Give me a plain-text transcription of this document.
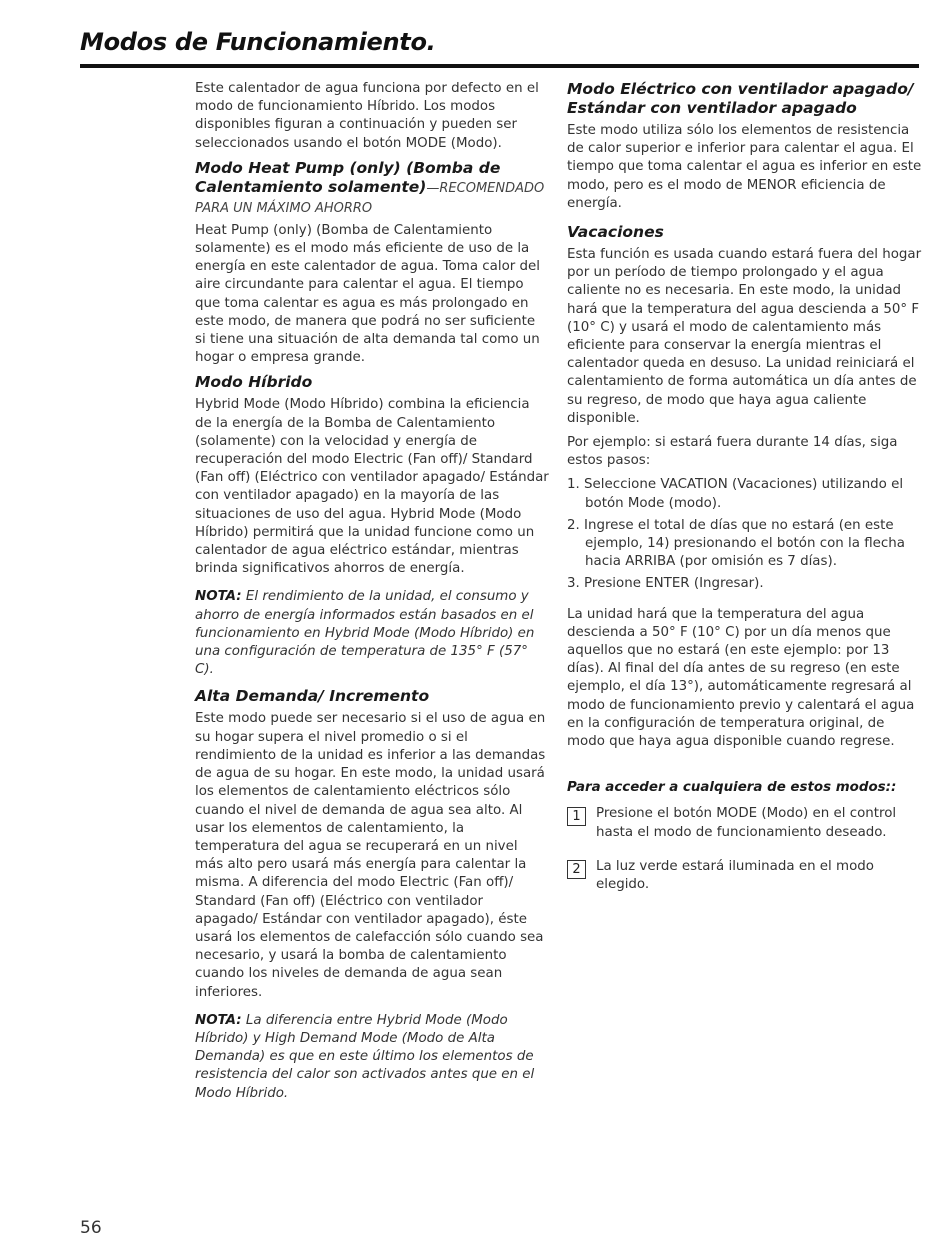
Modos de Funcionamiento.

Este calentador de agua funciona por defecto en el modo de funcionamiento Híbrido. Los modos disponibles figuran a continuación y pueden ser seleccionados usando el botón MODE (Modo).

Modo Heat Pump (only) (Bomba de Calentamiento solamente)—RECOMENDADO PARA UN MÁXIMO AHORRO

Heat Pump (only) (Bomba de Calentamiento solamente) es el modo más eficiente de uso de la energía en este calentador de agua. Toma calor del aire circundante para calentar el agua. El tiempo que toma calentar es agua es más prolongado en este modo, de manera que podrá no ser suficiente si tiene una situación de alta demanda tal como un hogar o empresa grande.

Modo Híbrido

Hybrid Mode (Modo Híbrido) combina la eficiencia de la energía de la Bomba de Calentamiento (solamente) con la velocidad y energía de recuperación del modo Electric (Fan off)/ Standard (Fan off) (Eléctrico con ventilador apagado/ Estándar con ventilador apagado) en la mayoría de las situaciones de uso del agua. Hybrid Mode (Modo Híbrido) permitirá que la unidad funcione como un calentador de agua eléctrico estándar, mientras brinda significativos ahorros de energía.

NOTA: El rendimiento de la unidad, el consumo y ahorro de energía informados están basados en el funcionamiento en Hybrid Mode (Modo Híbrido) en una configuración de temperatura de 135° F (57° C).

Alta Demanda/ Incremento

Este modo puede ser necesario si el uso de agua en su hogar supera el nivel promedio o si el rendimiento de la unidad es inferior a las demandas de agua de su hogar. En este modo, la unidad usará los elementos de calentamiento eléctricos sólo cuando el nivel de demanda de agua sea alto. Al usar los elementos de calentamiento, la temperatura del agua se recuperará en un nivel más alto pero usará más energía para calentar la misma. A diferencia del modo Electric (Fan off)/ Standard (Fan off) (Eléctrico con ventilador apagado/ Estándar con ventilador apagado), éste usará los elementos de calefacción sólo cuando sea necesario, y usará la bomba de calentamiento cuando los niveles de demanda de agua sean inferiores.

NOTA: La diferencia entre Hybrid Mode (Modo Híbrido) y High Demand Mode (Modo de Alta Demanda) es que en este último los elementos de resistencia del calor son activados antes que en el Modo Híbrido.

Modo Eléctrico con ventilador apagado/ Estándar con ventilador apagado

Este modo utiliza sólo los elementos de resistencia de calor superior e inferior para calentar el agua. El tiempo que toma calentar el agua es inferior en este modo, pero es el modo de MENOR eficiencia de energía.

Vacaciones

Esta función es usada cuando estará fuera del hogar por un período de tiempo prolongado y el agua caliente no es necesaria. En este modo, la unidad hará que la temperatura del agua descienda a 50° F (10° C) y usará el modo de calentamiento más eficiente para conservar la energía mientras el calentador queda en desuso. La unidad reiniciará el calentamiento de forma automática un día antes de su regreso, de modo que haya agua caliente disponible.

Por ejemplo: si estará fuera durante 14 días, siga estos pasos:

1. Seleccione VACATION (Vacaciones) utilizando el botón Mode (modo).
2. Ingrese el total de días que no estará (en este ejemplo, 14) presionando el botón con la flecha hacia ARRIBA (por omisión es 7 días).
3. Presione ENTER (Ingresar).

La unidad hará que la temperatura del agua descienda a 50° F (10° C) por un día menos que aquellos que no estará (en este ejemplo: por 13 días). Al final del día antes de su regreso (en este ejemplo, el día 13°), automáticamente regresará al modo de funcionamiento previo y calentará el agua en la configuración de temperatura original, de modo que haya agua disponible cuando regrese.

Para acceder a cualquiera de estos modos::
1	Presione el botón MODE (Modo) en el control hasta el modo de funcionamiento deseado.
2	La luz verde estará iluminada en el modo elegido.
56
